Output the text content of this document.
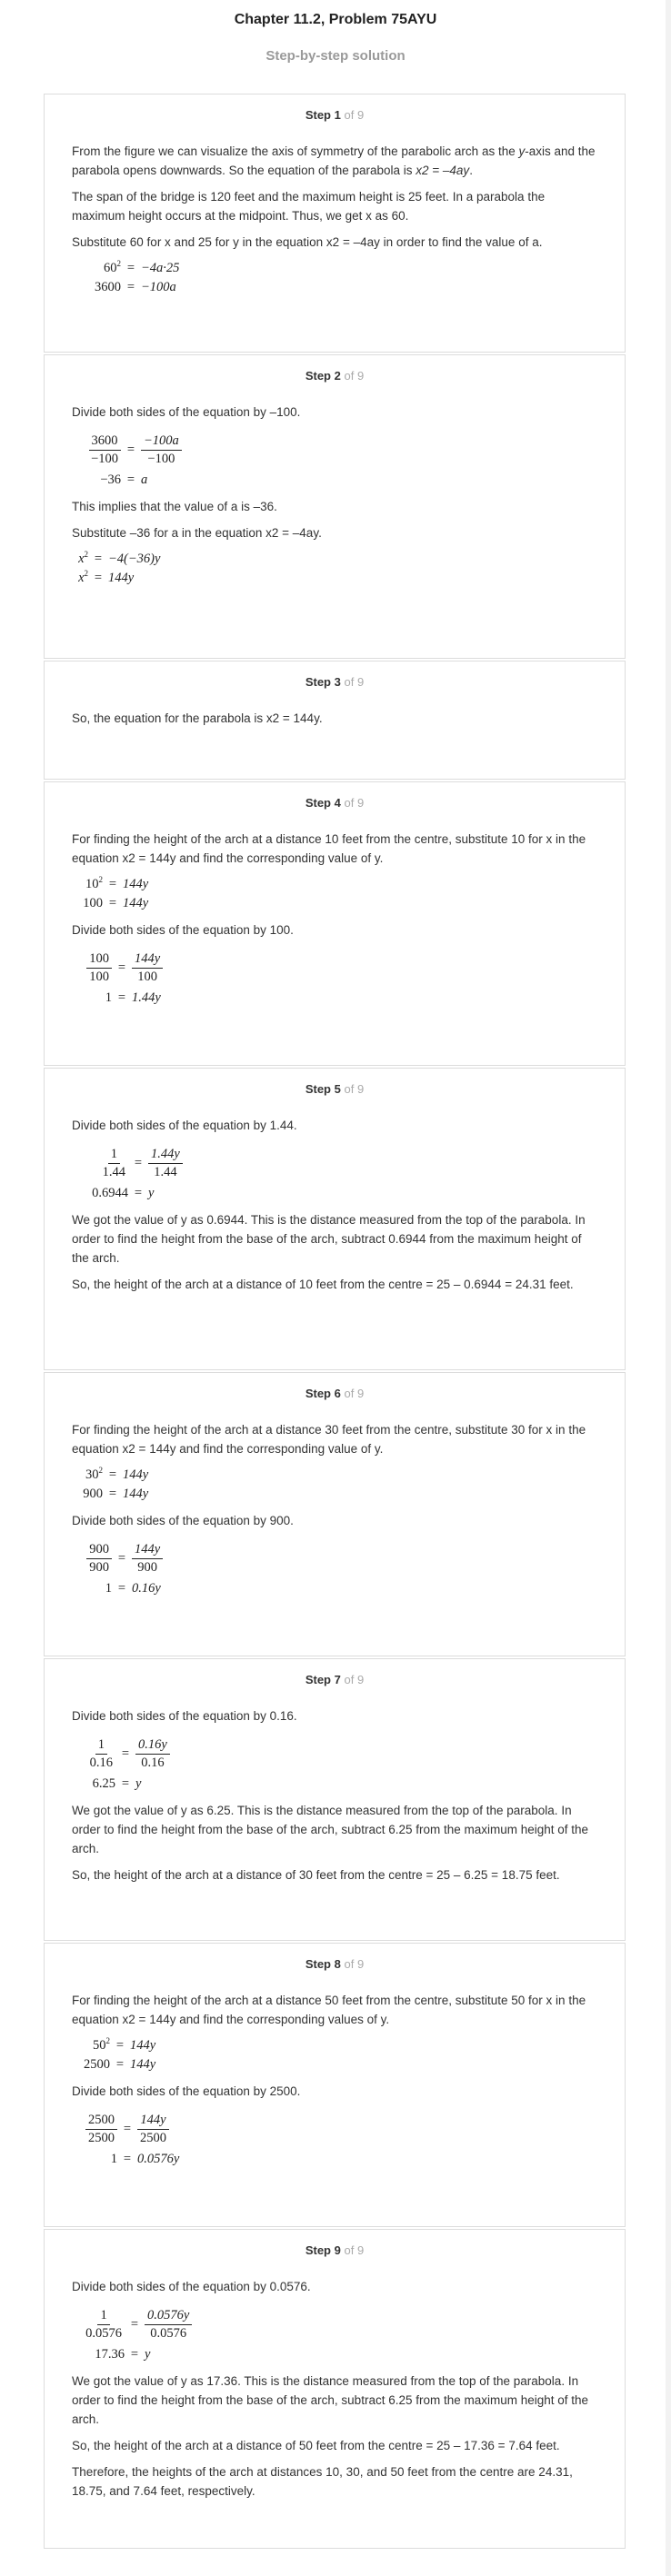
Chapter 11.2, Problem 75AYU
Step-by-step solution
Step 1 of 9

From the figure we can visualize the axis of symmetry of the parabolic arch as the y-axis and the parabola opens downwards. So the equation of the parabola is x2 = –4ay.

The span of the bridge is 120 feet and the maximum height is 25 feet. In a parabola the maximum height occurs at the midpoint. Thus, we get x as 60.

Substitute 60 for x and 25 for y in the equation x2 = –4ay in order to find the value of a.

$60^2 = -4a\cdot 25$
3600 = −100a
Step 2 of 9

Divide both sides of the equation by –100.

$\frac{3600}{-100} = \frac{-100a}{-100}$
−36 = a

This implies that the value of a is –36.

Substitute –36 for a in the equation x2 = –4ay.

$x^2 = -4(-36)y$
$x^2 = 144y$
Step 3 of 9

So, the equation for the parabola is x2 = 144y.

Step 4 of 9

For finding the height of the arch at a distance 10 feet from the centre, substitute 10 for x in the equation x2 = 144y and find the corresponding value of y.

$10^2 = 144y$
100 = 144y

Divide both sides of the equation by 100.

$\frac{100}{100} = \frac{144y}{100}$
1 = 1.44y
Step 5 of 9

Divide both sides of the equation by 1.44.

$\frac{1}{1.44} = \frac{1.44y}{1.44}$
0.6944 = y

We got the value of y as 0.6944. This is the distance measured from the top of the parabola. In order to find the height from the base of the arch, subtract 0.6944 from the maximum height of the arch.

So, the height of the arch at a distance of 10 feet from the centre = 25 – 0.6944 = 24.31 feet.

Step 6 of 9

For finding the height of the arch at a distance 30 feet from the centre, substitute 30 for x in the equation x2 = 144y and find the corresponding value of y.

$30^2 = 144y$
900 = 144y

Divide both sides of the equation by 900.

$\frac{900}{900} = \frac{144y}{900}$
1 = 0.16y
Step 7 of 9

Divide both sides of the equation by 0.16.

$\frac{1}{0.16} = \frac{0.16y}{0.16}$
6.25 = y

We got the value of y as 6.25. This is the distance measured from the top of the parabola. In order to find the height from the base of the arch, subtract 6.25 from the maximum height of the arch.

So, the height of the arch at a distance of 30 feet from the centre = 25 – 6.25 = 18.75 feet.

Step 8 of 9

For finding the height of the arch at a distance 50 feet from the centre, substitute 50 for x in the equation x2 = 144y and find the corresponding values of y.

$50^2 = 144y$
2500 = 144y

Divide both sides of the equation by 2500.

$\frac{2500}{2500} = \frac{144y}{2500}$
1 = 0.0576y
Step 9 of 9

Divide both sides of the equation by 0.0576.

$\frac{1}{0.0576} = \frac{0.0576y}{0.0576}$
17.36 = y

We got the value of y as 17.36. This is the distance measured from the top of the parabola. In order to find the height from the base of the arch, subtract 6.25 from the maximum height of the arch.

So, the height of the arch at a distance of 50 feet from the centre = 25 – 17.36 = 7.64 feet.

Therefore, the heights of the arch at distances 10, 30, and 50 feet from the centre are 24.31, 18.75, and 7.64 feet, respectively.
